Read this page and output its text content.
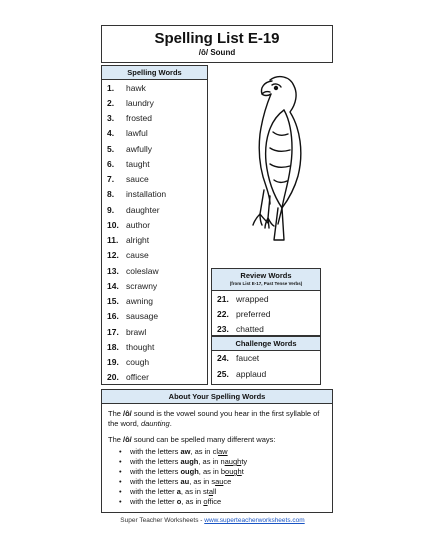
Spelling List E-19
/ô/ Sound
Spelling Words
1. hawk
2. laundry
3. frosted
4. lawful
5. awfully
6. taught
7. sauce
8. installation
9. daughter
10. author
11. alright
12. cause
13. coleslaw
14. scrawny
15. awning
16. sausage
17. brawl
18. thought
19. cough
20. officer
Review Words
(from List E-17, Past Tense Verbs)
21. wrapped
22. preferred
23. chatted
Challenge Words
24. faucet
25. applaud
About Your Spelling Words
The /ô/ sound is the vowel sound you hear in the first syllable of the word, daunting.
The /ô/ sound can be spelled many different ways:
• with the letters aw, as in claw
• with the letters augh, as in naughty
• with the letters ough, as in bought
• with the letters au, as in sauce
• with the letter a, as in stall
• with the letter o, as in office
Super Teacher Worksheets - www.superteacherworksheets.com
